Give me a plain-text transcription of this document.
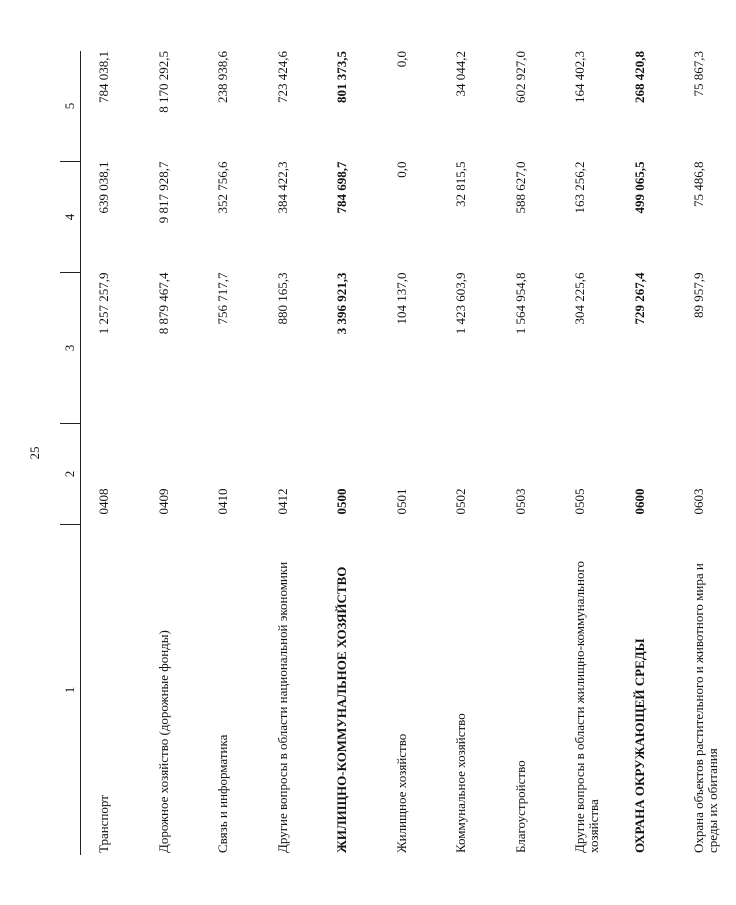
25
1	2	3	4	5
Транспорт	0408	1 257 257,9	639 038,1	784 038,1
Дорожное хозяйство (дорожные фонды)	0409	8 879 467,4	9 817 928,7	8 170 292,5
Связь и информатика	0410	756 717,7	352 756,6	238 938,6
Другие вопросы в области национальной экономики	0412	880 165,3	384 422,3	723 424,6
ЖИЛИЩНО-КОММУНАЛЬНОЕ ХОЗЯЙСТВО	0500	3 396 921,3	784 698,7	801 373,5
Жилищное хозяйство	0501	104 137,0	0,0	0,0
Коммунальное хозяйство	0502	1 423 603,9	32 815,5	34 044,2
Благоустройство	0503	1 564 954,8	588 627,0	602 927,0
Другие вопросы в области жилищно-коммунального хозяйства	0505	304 225,6	163 256,2	164 402,3
ОХРАНА ОКРУЖАЮЩЕЙ СРЕДЫ	0600	729 267,4	499 065,5	268 420,8
Охрана объектов растительного и животного мира и среды их обитания	0603	89 957,9	75 486,8	75 867,3
